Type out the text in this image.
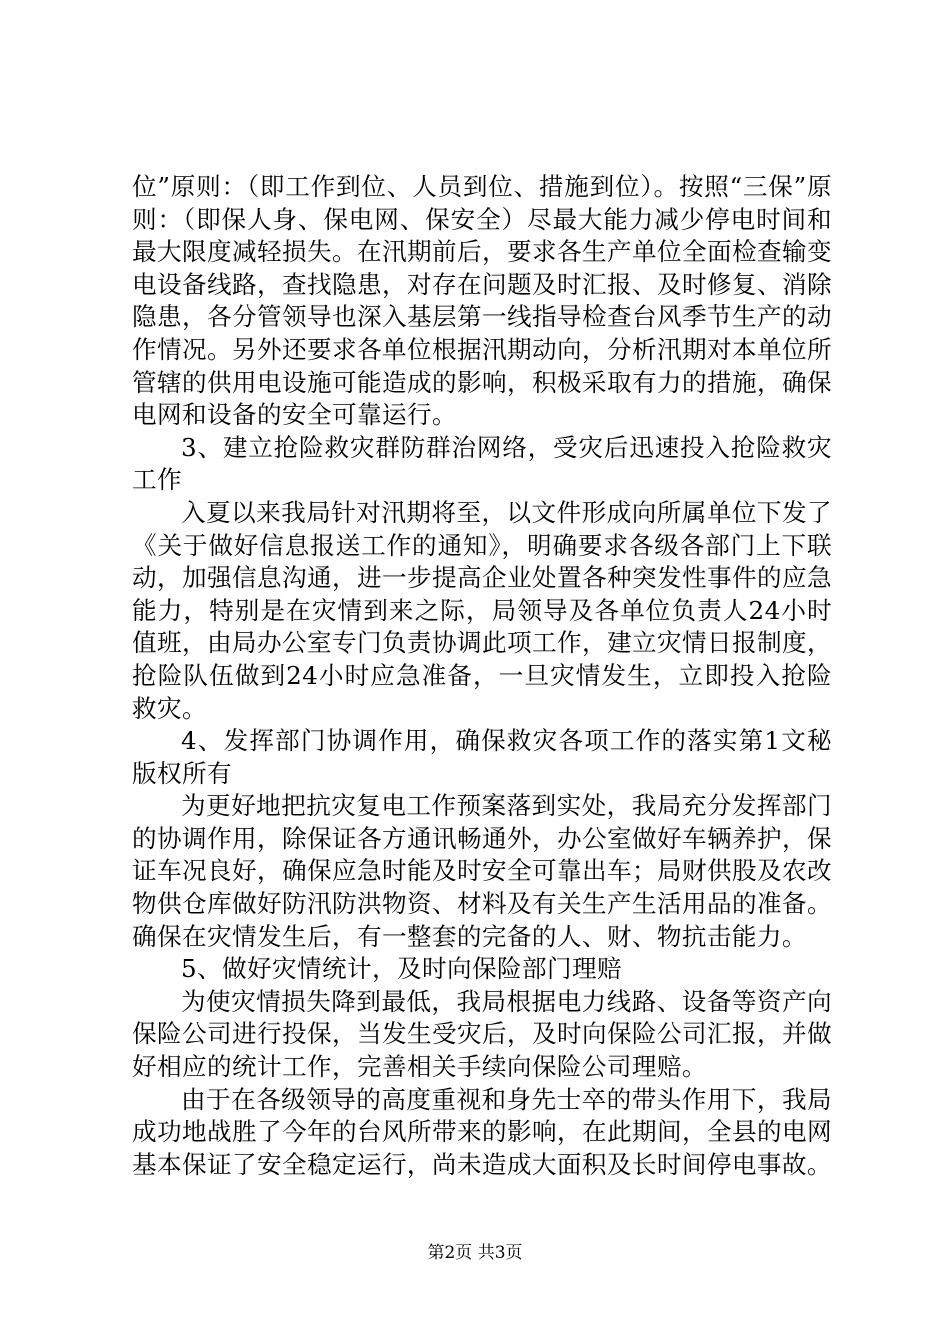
位”原则：（即工作到位、人员到位、措施到位）。按照“三保”原则：（即保人身、保电网、保安全）尽最大能力减少停电时间和最大限度减轻损失。在汛期前后，要求各生产单位全面检查输变电设备线路，查找隐患，对存在问题及时汇报、及时修复、消除隐患，各分管领导也深入基层第一线指导检查台风季节生产的动作情况。另外还要求各单位根据汛期动向，分析汛期对本单位所管辖的供用电设施可能造成的影响，积极采取有力的措施，确保电网和设备的安全可靠运行。

3、建立抢险救灾群防群治网络，受灾后迅速投入抢险救灾工作

入夏以来我局针对汛期将至，以文件形成向所属单位下发了《关于做好信息报送工作的通知》，明确要求各级各部门上下联动，加强信息沟通，进一步提高企业处置各种突发性事件的应急能力，特别是在灾情到来之际，局领导及各单位负责人24小时值班，由局办公室专门负责协调此项工作，建立灾情日报制度，抢险队伍做到24小时应急准备，一旦灾情发生，立即投入抢险救灾。

4、发挥部门协调作用，确保救灾各项工作的落实第1文秘版权所有

为更好地把抗灾复电工作预案落到实处，我局充分发挥部门的协调作用，除保证各方通讯畅通外，办公室做好车辆养护，保证车况良好，确保应急时能及时安全可靠出车；局财供股及农改物供仓库做好防汛防洪物资、材料及有关生产生活用品的准备。确保在灾情发生后，有一整套的完备的人、财、物抗击能力。

5、做好灾情统计，及时向保险部门理赔

为使灾情损失降到最低，我局根据电力线路、设备等资产向保险公司进行投保，当发生受灾后，及时向保险公司汇报，并做好相应的统计工作，完善相关手续向保险公司理赔。

由于在各级领导的高度重视和身先士卒的带头作用下，我局成功地战胜了今年的台风所带来的影响，在此期间，全县的电网基本保证了安全稳定运行，尚未造成大面积及长时间停电事故。

第2页 共3页
